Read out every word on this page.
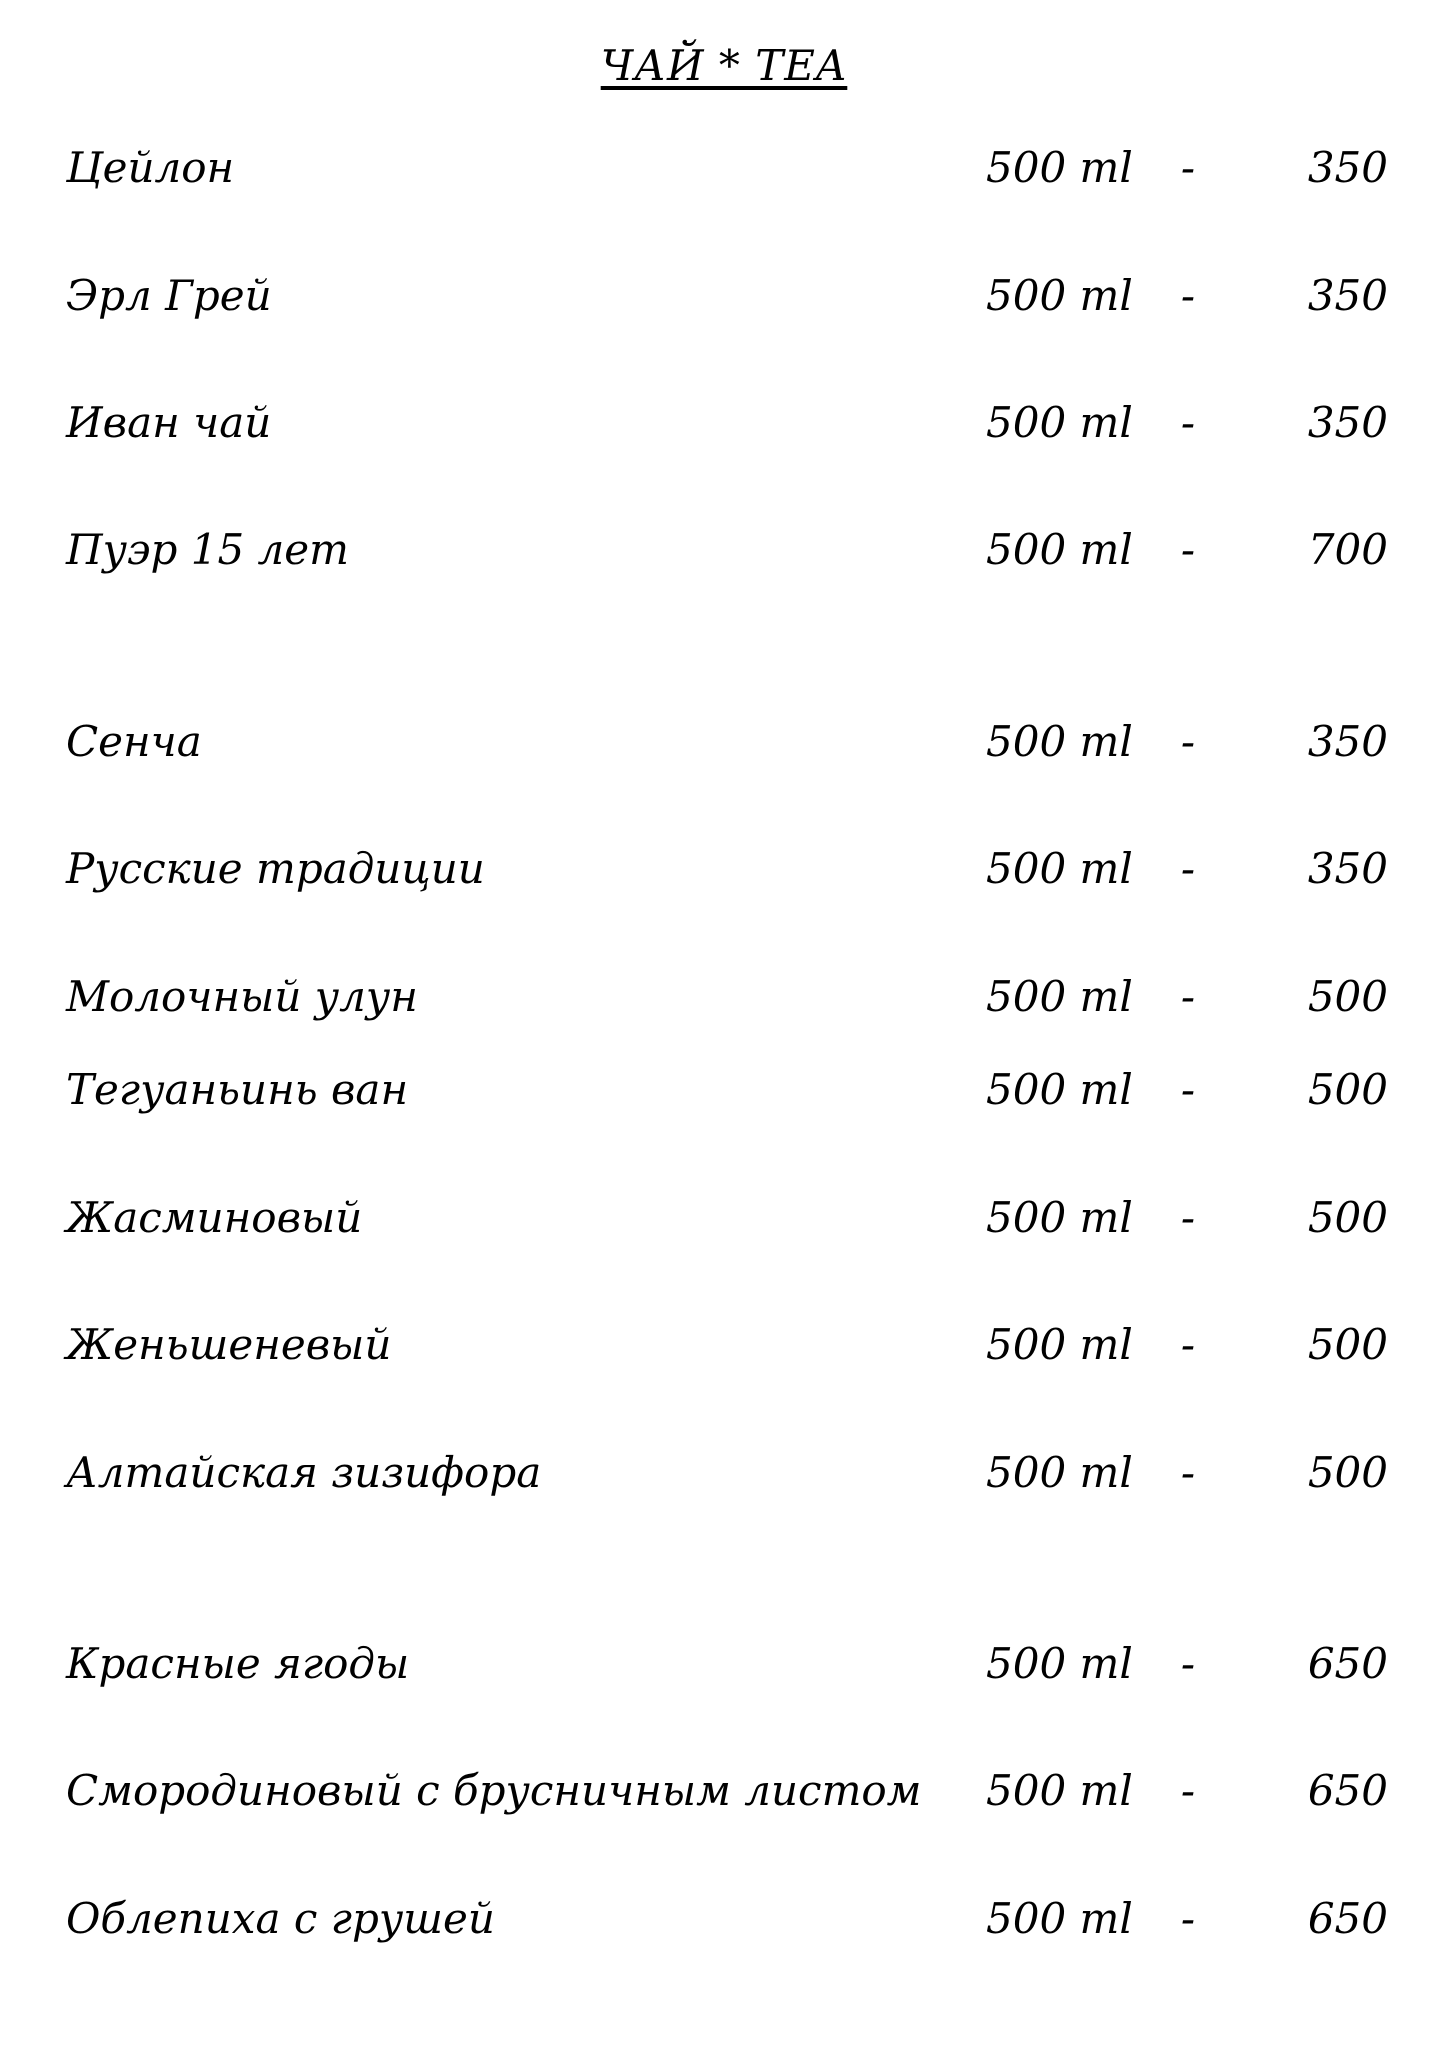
ЧАЙ * TEA
Цейлон	500 ml -	350
Эрл Грей	500 ml -	350
Иван чай	500 ml -	350
Пуэр 15 лет	500 ml -	700
Сенча	500 ml -	350
Русские традиции	500 ml -	350
Молочный улун	500 ml -	500
Тегуаньинь ван	500 ml -	500
Жасминовый	500 ml -	500
Женьшеневый	500 ml -	500
Алтайская зизифора	500 ml -	500
Красные ягоды	500 ml -	650
Смородиновый с брусничным листом 500 ml -	650
Облепиха с грушей	500 ml -	650
